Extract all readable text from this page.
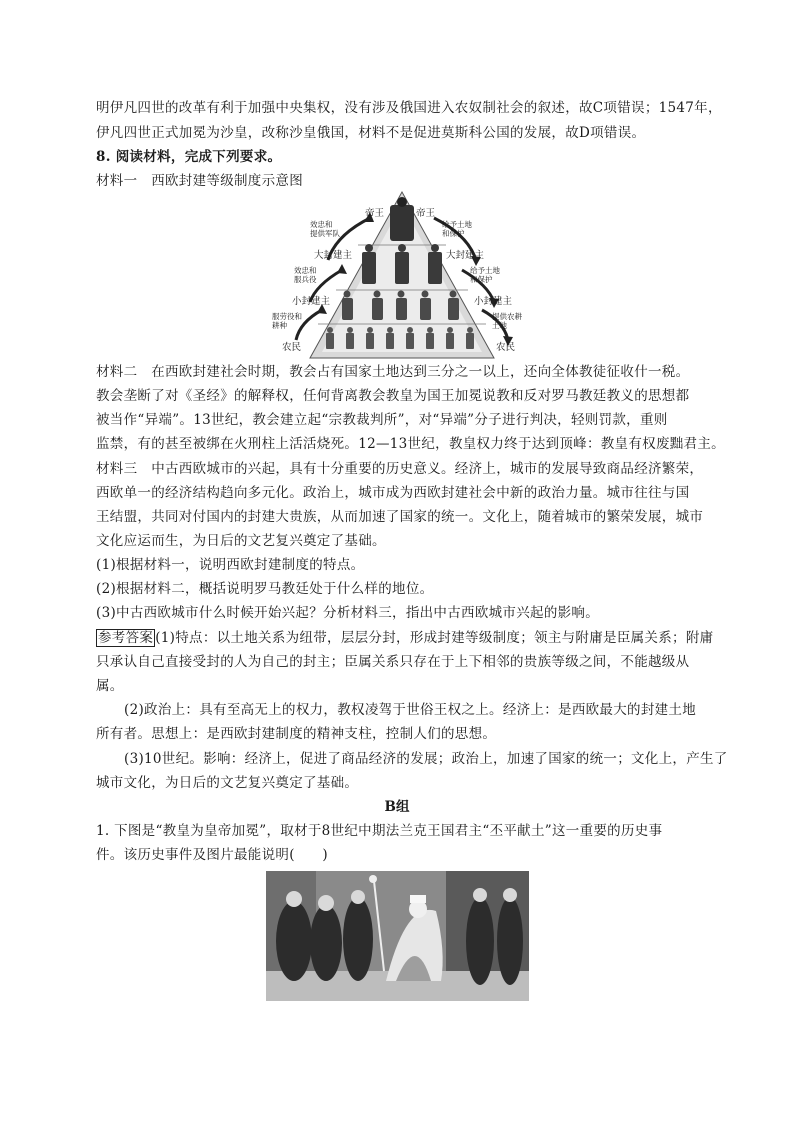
明伊凡四世的改革有利于加强中央集权，没有涉及俄国进入农奴制社会的叙述，故C项错误；1547年，
伊凡四世正式加冕为沙皇，改称沙皇俄国，材料不是促进莫斯科公国的发展，故D项错误。
8. 阅读材料，完成下列要求。
材料一　西欧封建等级制度示意图
帝王
帝王
效忠和
提供军队
给予土地
和保护
大封建主	大封建主
效忠和
服兵役
给予土地
和保护
小封建主	小封建主
服劳役和
耕种
提供农耕
土地
农民	农民
材料二　在西欧封建社会时期，教会占有国家土地达到三分之一以上，还向全体教徒征收什一税。
教会垄断了对《圣经》的解释权，任何背离教会教皇为国王加冕说教和反对罗马教廷教义的思想都
被当作“异端”。13世纪，教会建立起“宗教裁判所”，对“异端”分子进行判决，轻则罚款，重则
监禁，有的甚至被绑在火刑柱上活活烧死。12—13世纪，教皇权力终于达到顶峰：教皇有权废黜君主。
材料三　中古西欧城市的兴起，具有十分重要的历史意义。经济上，城市的发展导致商品经济繁荣，
西欧单一的经济结构趋向多元化。政治上，城市成为西欧封建社会中新的政治力量。城市往往与国
王结盟，共同对付国内的封建大贵族，从而加速了国家的统一。文化上，随着城市的繁荣发展，城市
文化应运而生，为日后的文艺复兴奠定了基础。
(1)根据材料一，说明西欧封建制度的特点。
(2)根据材料二，概括说明罗马教廷处于什么样的地位。
(3)中古西欧城市什么时候开始兴起？分析材料三，指出中古西欧城市兴起的影响。
参考答案 (1)特点：以土地关系为纽带，层层分封，形成封建等级制度；领主与附庸是臣属关系；附庸
只承认自己直接受封的人为自己的封主；臣属关系只存在于上下相邻的贵族等级之间，不能越级从
属。
(2)政治上：具有至高无上的权力，教权凌驾于世俗王权之上。经济上：是西欧最大的封建土地
所有者。思想上：是西欧封建制度的精神支柱，控制人们的思想。
(3)10世纪。影响：经济上，促进了商品经济的发展；政治上，加速了国家的统一；文化上，产生了
城市文化，为日后的文艺复兴奠定了基础。
B组
1. 下图是“教皇为皇帝加冕”，取材于8世纪中期法兰克王国君主“丕平献土”这一重要的历史事
件。该历史事件及图片最能说明(　　)
